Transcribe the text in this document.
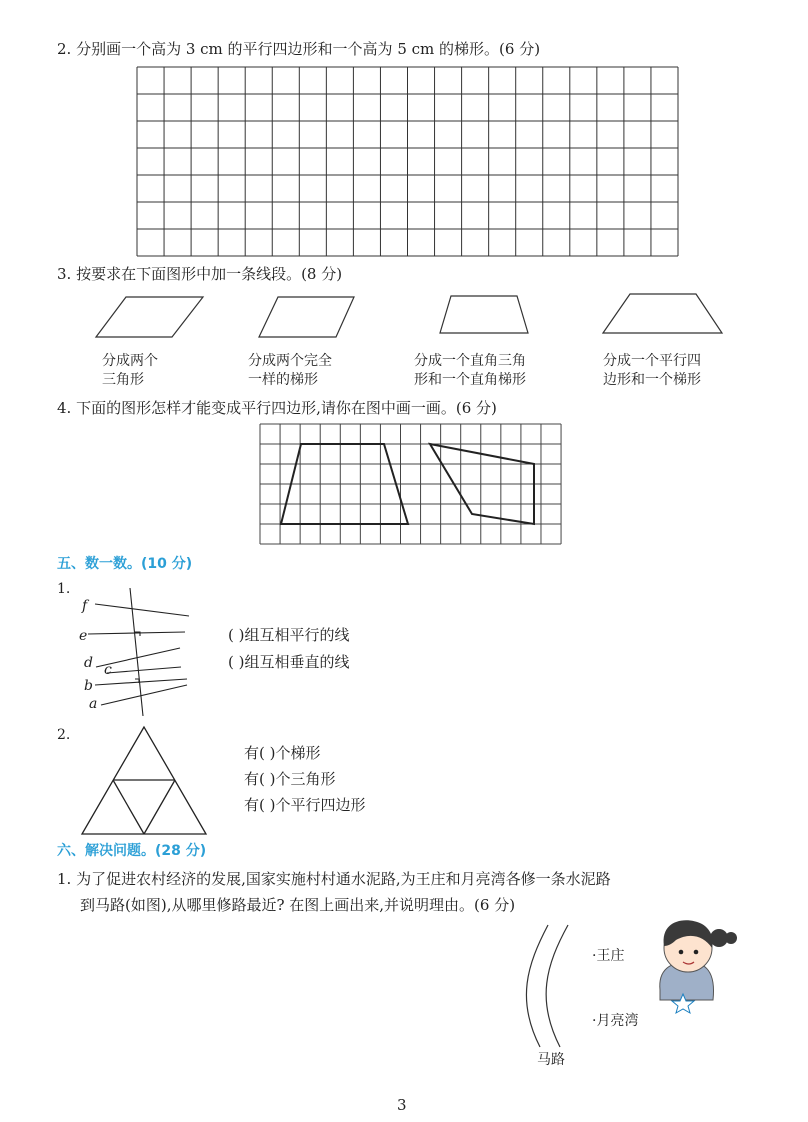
2. 分别画一个高为 3 cm 的平行四边形和一个高为 5 cm 的梯形。(6 分)
3. 按要求在下面图形中加一条线段。(8 分)
分成两个
三角形
分成两个完全
一样的梯形
分成一个直角三角
形和一个直角梯形
分成一个平行四
边形和一个梯形
4. 下面的图形怎样才能变成平行四边形,请你在图中画一画。(6 分)
五、数一数。(10 分)
1.
f
e
d c
b
a
( )组互相平行的线
( )组互相垂直的线
2.
有( )个梯形
有( )个三角形
有( )个平行四边形
六、解决问题。(28 分)
1. 为了促进农村经济的发展,国家实施村村通水泥路,为王庄和月亮湾各修一条水泥路
到马路(如图),从哪里修路最近? 在图上画出来,并说明理由。(6 分)
·王庄
·月亮湾
马路
3
